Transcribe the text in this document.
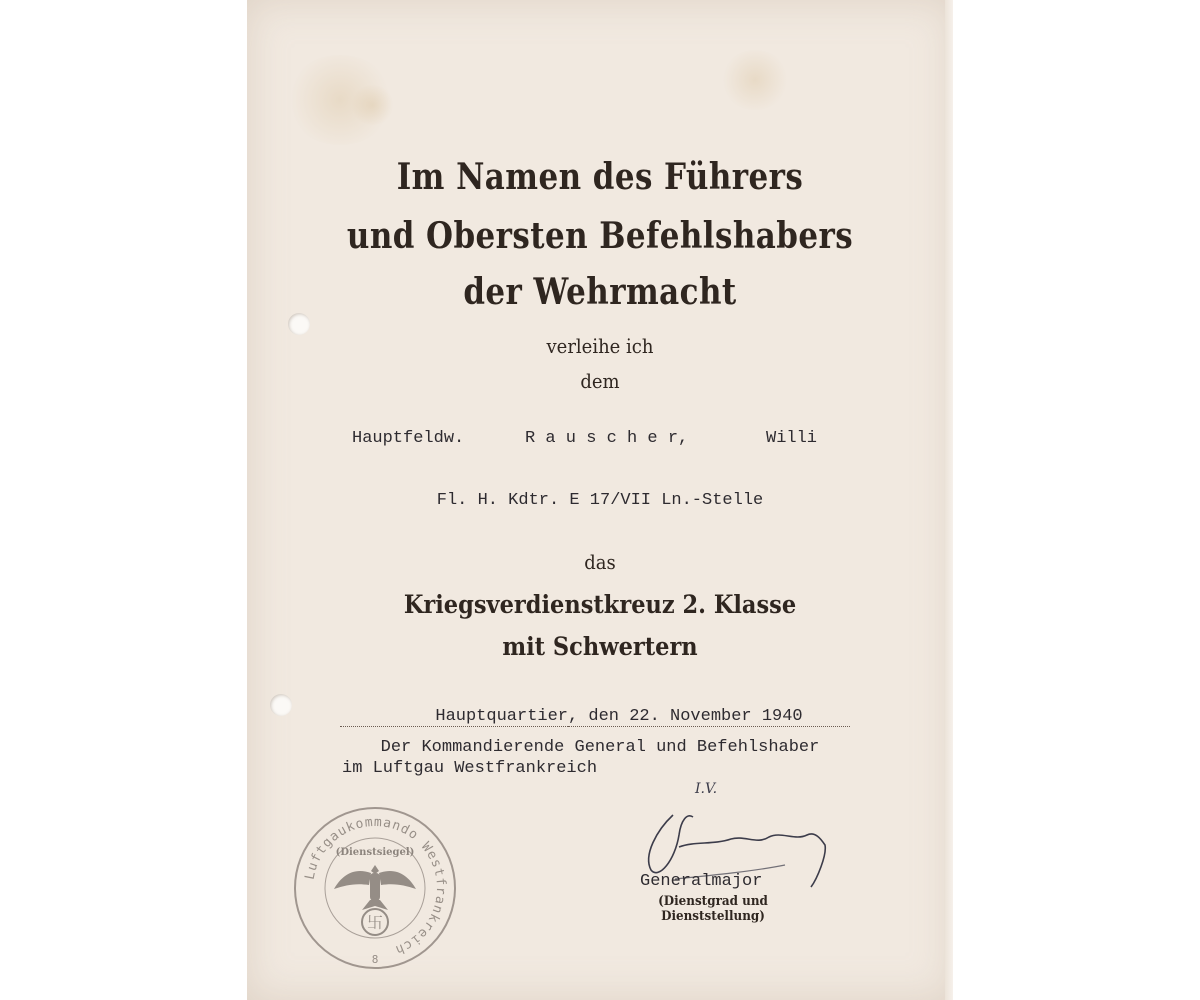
Im Namen des Führers
und Obersten Befehlshabers
der Wehrmacht
verleihe ich
dem
Hauptfeldw.	R a u s c h e r,	Willi
Fl. H. Kdtr. E 17/VII Ln.-Stelle
das
Kriegsverdienstkreuz 2. Klasse
mit Schwertern
Hauptquartier , den 22. November 1940
Der Kommandierende General und Befehlshaber
im Luftgau Westfrankreich
Luftgaukommando Westfrankreich
(Dienstsiegel)
卐
8
I.V.
Generalmajor
(Dienstgrad und Dienststellung)
